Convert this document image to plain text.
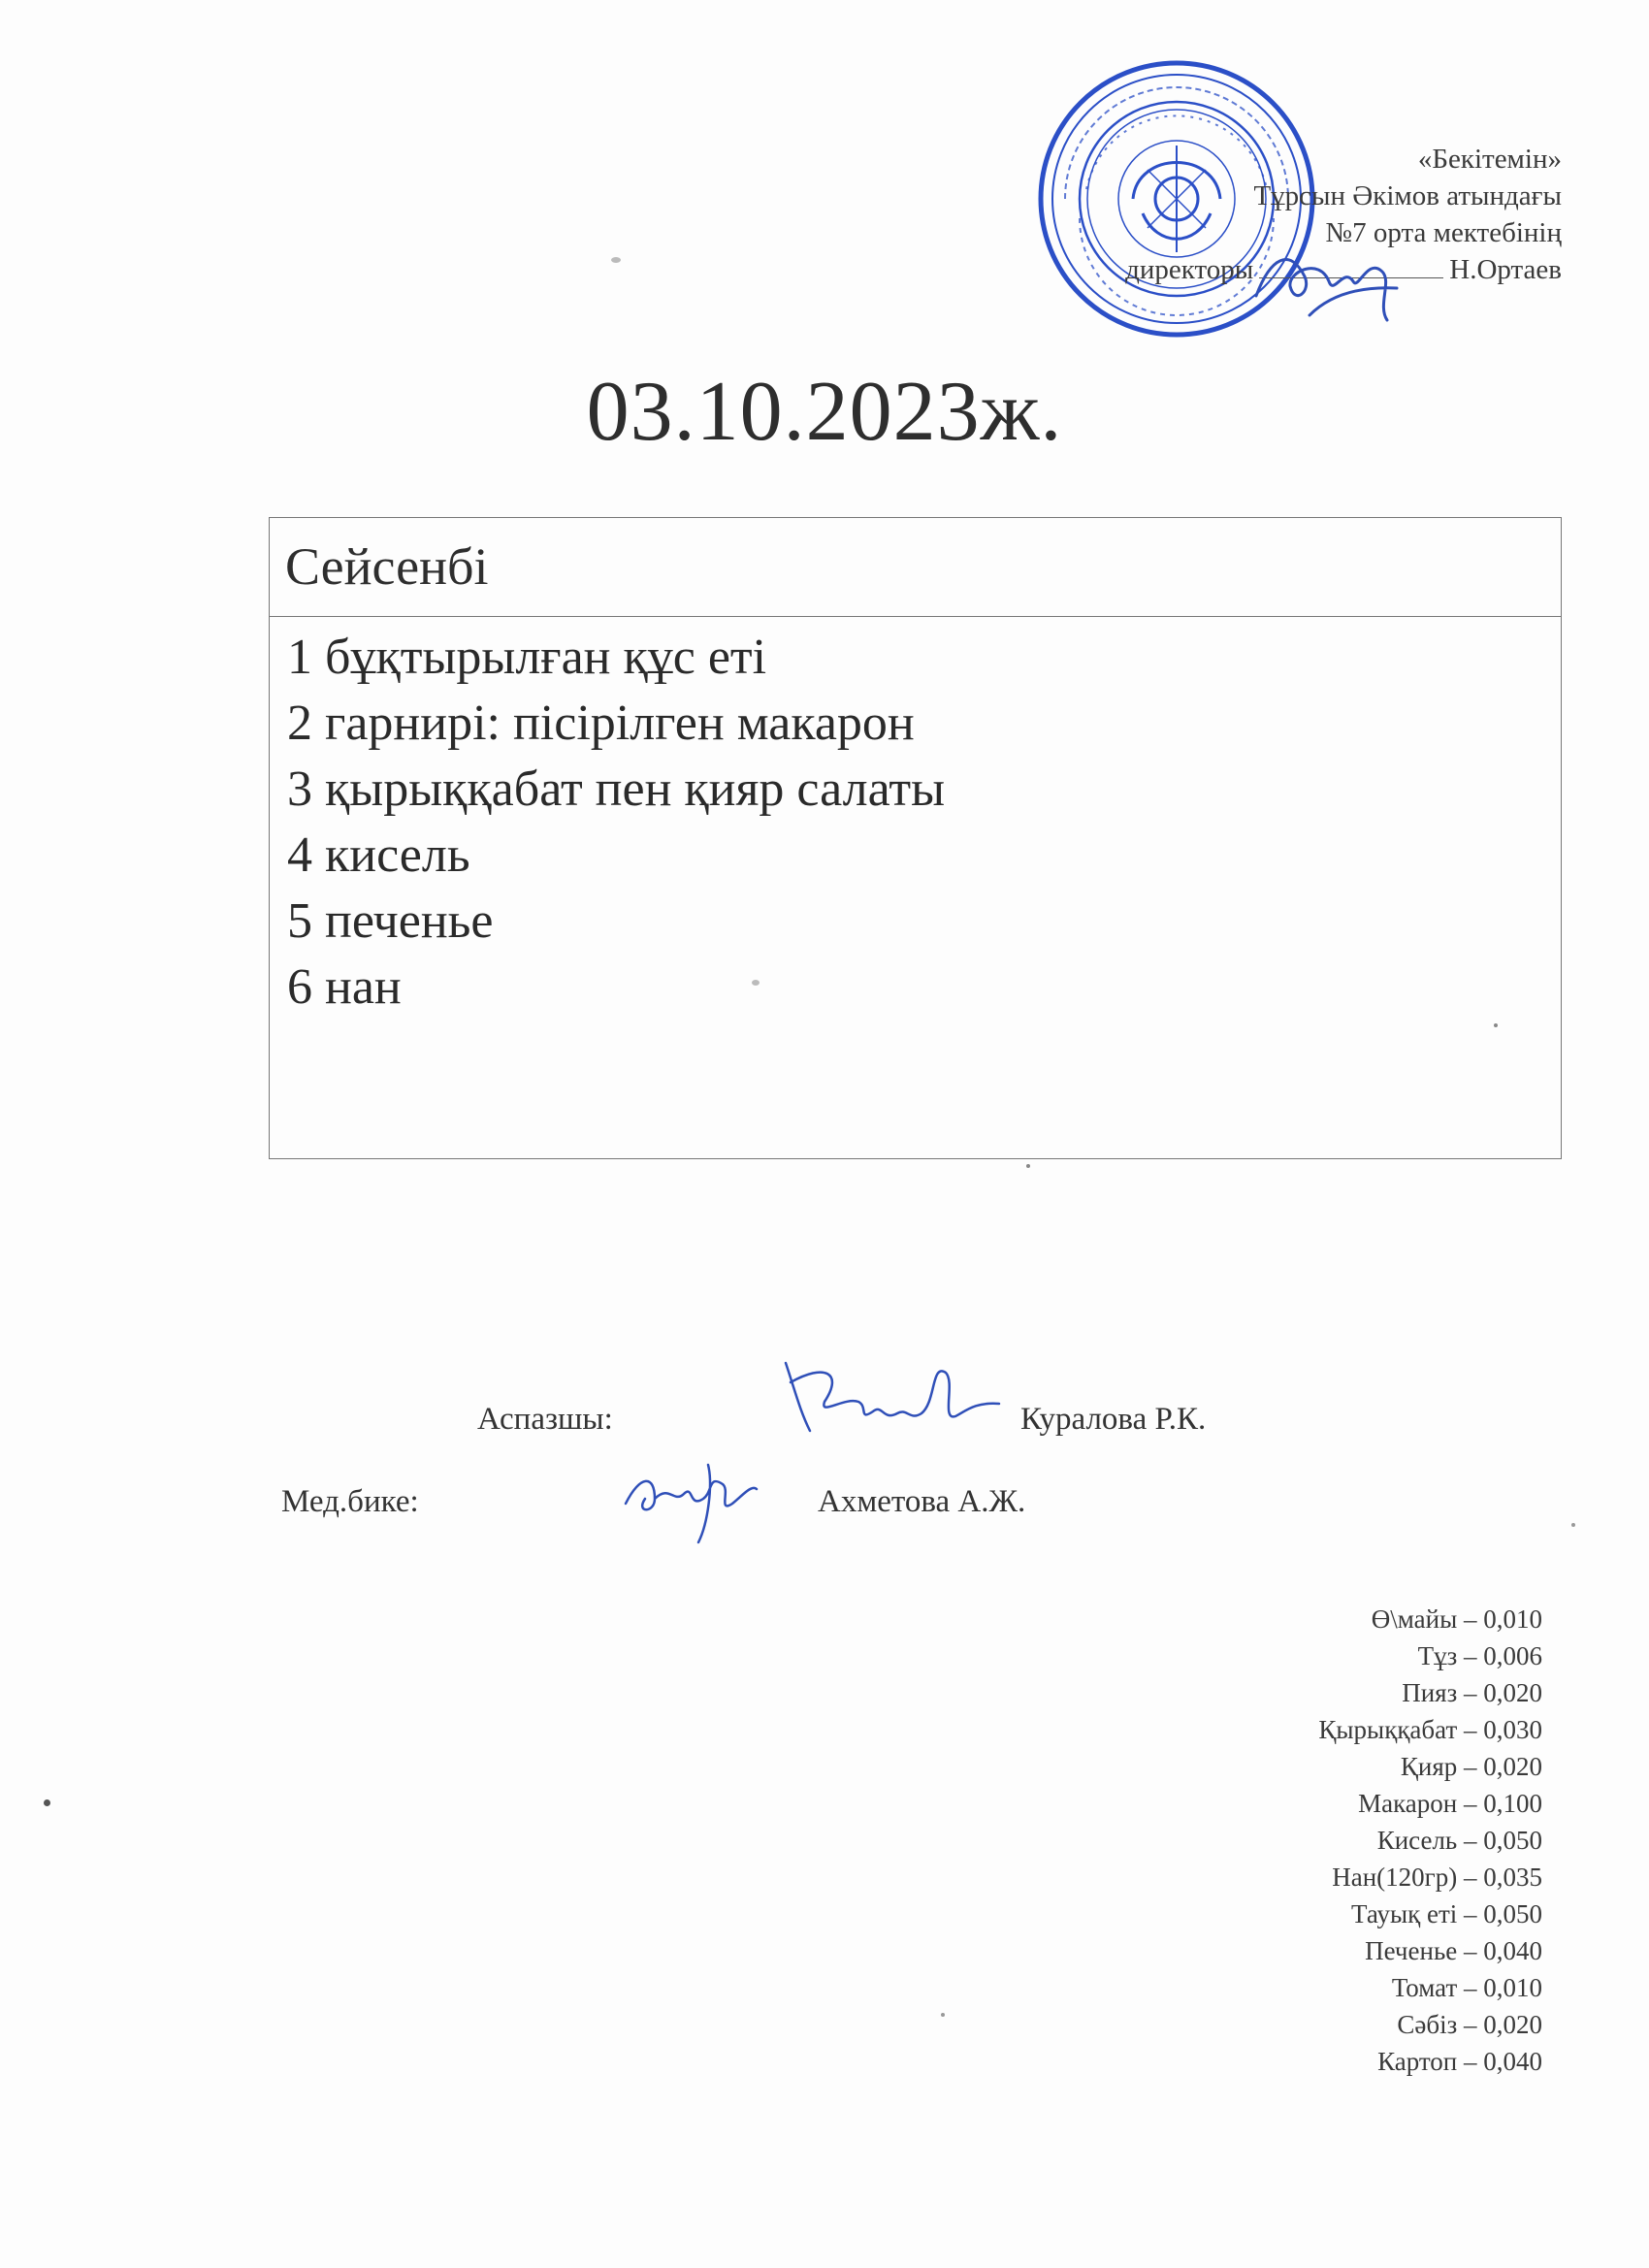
«Бекітемін»
Тұрсын Әкімов атындағы
№7 орта мектебінің
директоры	Н.Ортаев
03.10.2023ж.
Сейсенбі
1 бұқтырылған құс еті
2 гарнирі: пісірілген макарон
3 қырыққабат пен қияр салаты
4 кисель
5 печенье
6 нан
Аспазшы:	Куралова Р.К.
Мед.бике:	Ахметова А.Ж.
Ө\майы – 0,010
Тұз – 0,006
Пияз – 0,020
Қырыққабат – 0,030
Қияр – 0,020
Макарон – 0,100
Кисель – 0,050
Нан(120гр) – 0,035
Тауық еті – 0,050
Печенье – 0,040
Томат – 0,010
Сәбіз – 0,020
Картоп – 0,040
